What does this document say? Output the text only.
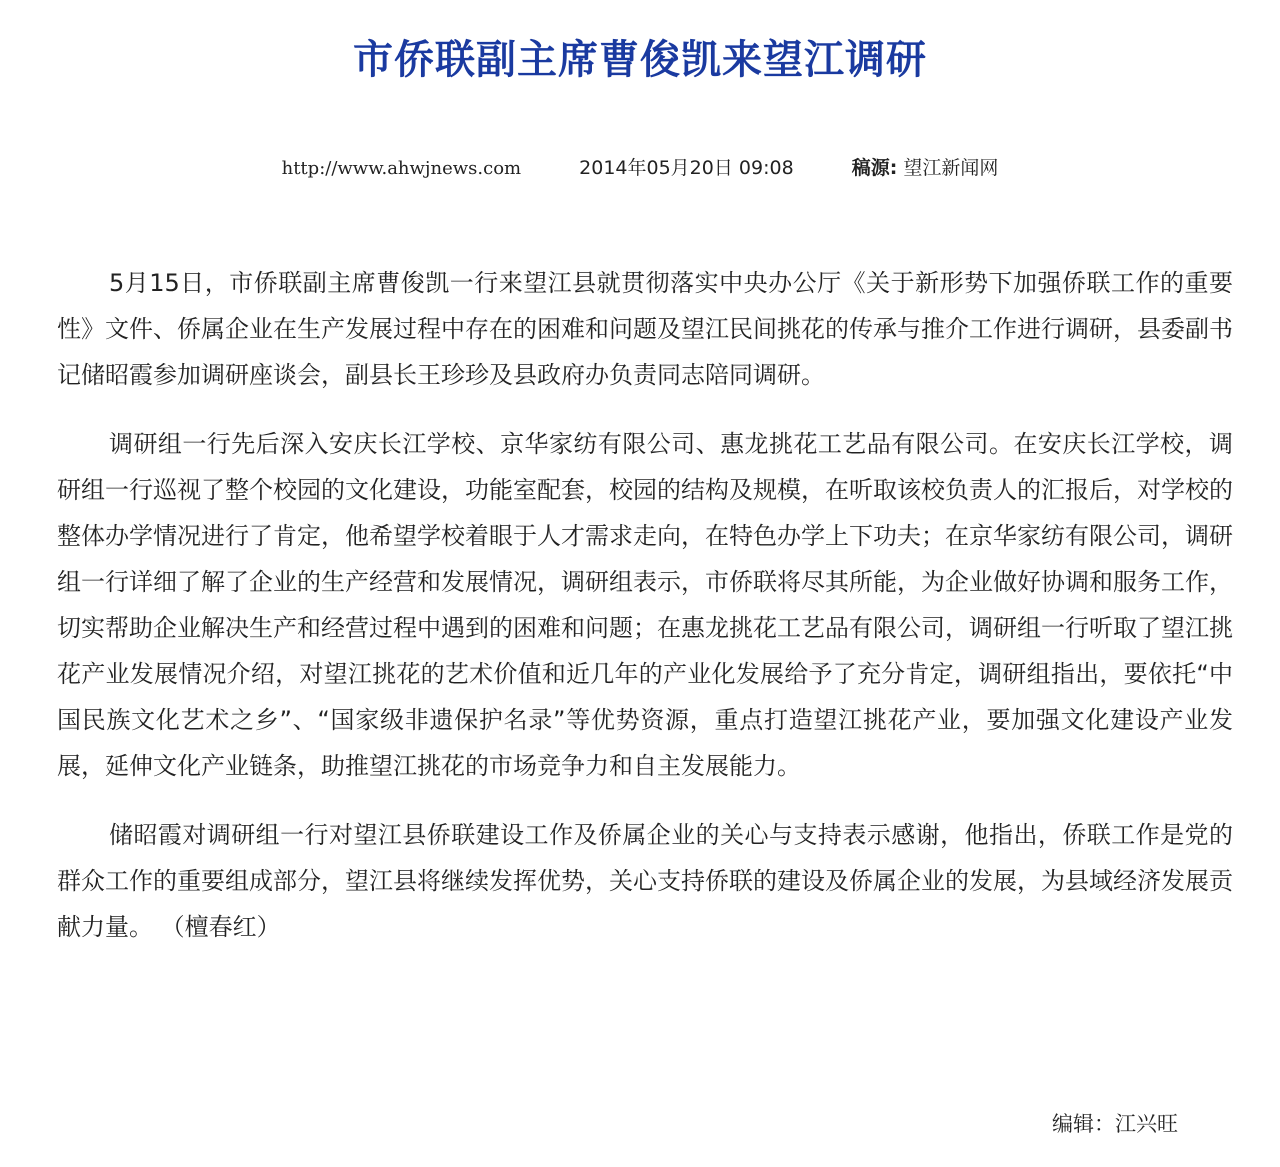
市侨联副主席曹俊凯来望江调研
http://www.ahwjnews.com	2014年05月20日 09:08	稿源: 望江新闻网

5月15日，市侨联副主席曹俊凯一行来望江县就贯彻落实中央办公厅《关于新形势下加强侨联工作的重要性》文件、侨属企业在生产发展过程中存在的困难和问题及望江民间挑花的传承与推介工作进行调研，县委副书记储昭霞参加调研座谈会，副县长王珍珍及县政府办负责同志陪同调研。

调研组一行先后深入安庆长江学校、京华家纺有限公司、惠龙挑花工艺品有限公司。在安庆长江学校，调研组一行巡视了整个校园的文化建设，功能室配套，校园的结构及规模，在听取该校负责人的汇报后，对学校的整体办学情况进行了肯定，他希望学校着眼于人才需求走向，在特色办学上下功夫；在京华家纺有限公司，调研组一行详细了解了企业的生产经营和发展情况，调研组表示，市侨联将尽其所能，为企业做好协调和服务工作，切实帮助企业解决生产和经营过程中遇到的困难和问题；在惠龙挑花工艺品有限公司，调研组一行听取了望江挑花产业发展情况介绍，对望江挑花的艺术价值和近几年的产业化发展给予了充分肯定，调研组指出，要依托“中国民族文化艺术之乡”、“国家级非遗保护名录”等优势资源，重点打造望江挑花产业，要加强文化建设产业发展，延伸文化产业链条，助推望江挑花的市场竞争力和自主发展能力。

储昭霞对调研组一行对望江县侨联建设工作及侨属企业的关心与支持表示感谢，他指出，侨联工作是党的群众工作的重要组成部分，望江县将继续发挥优势，关心支持侨联的建设及侨属企业的发展，为县域经济发展贡献力量。 （檀春红）

编辑：江兴旺
